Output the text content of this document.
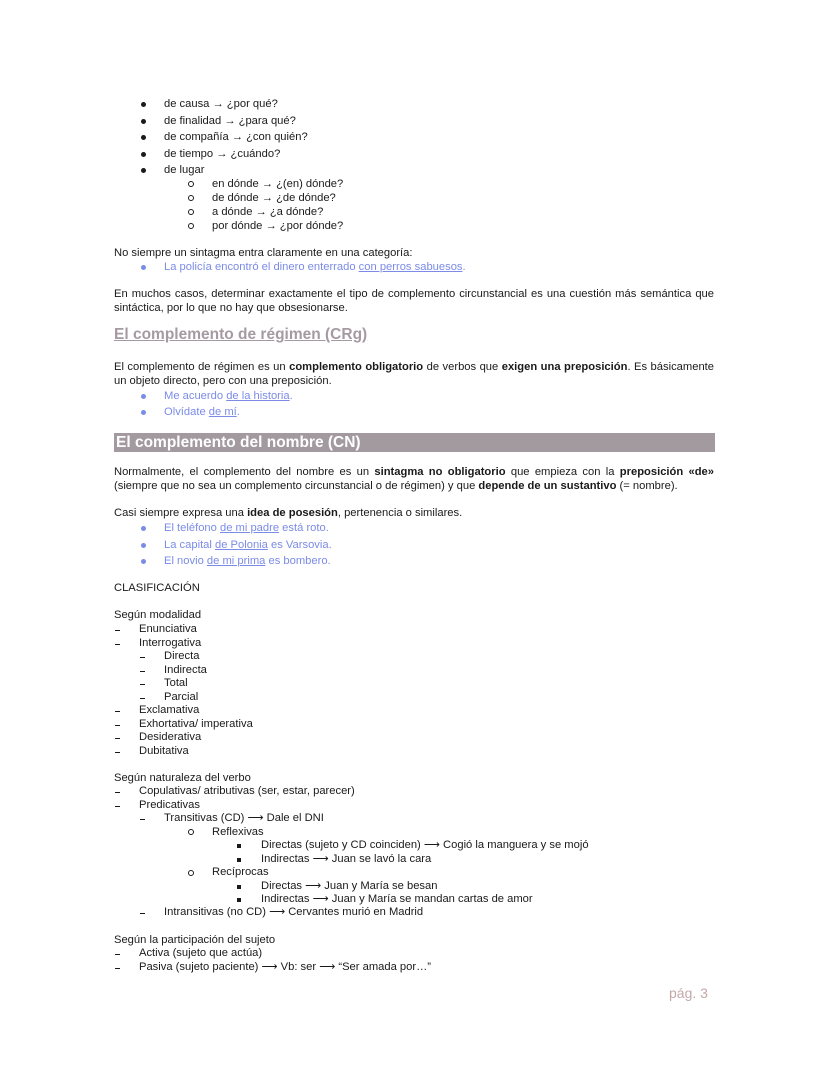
de causa → ¿por qué?
de finalidad → ¿para qué?
de compañía → ¿con quién?
de tiempo → ¿cuándo?
de lugar
en dónde → ¿(en) dónde?
de dónde → ¿de dónde?
a dónde → ¿a dónde?
por dónde → ¿por dónde?
No siempre un sintagma entra claramente en una categoría:
La policía encontró el dinero enterrado con perros sabuesos.
En muchos casos, determinar exactamente el tipo de complemento circunstancial es una cuestión más semántica que sintáctica, por lo que no hay que obsesionarse.
El complemento de régimen (CRg)
El complemento de régimen es un complemento obligatorio de verbos que exigen una preposición. Es básicamente un objeto directo, pero con una preposición.
Me acuerdo de la historia.
Olvídate de mí.
El complemento del nombre (CN)
Normalmente, el complemento del nombre es un sintagma no obligatorio que empieza con la preposición «de» (siempre que no sea un complemento circunstancial o de régimen) y que depende de un sustantivo (= nombre).
Casi siempre expresa una idea de posesión, pertenencia o similares.
El teléfono de mi padre está roto.
La capital de Polonia es Varsovia.
El novio de mi prima es bombero.
CLASIFICACIÓN
Según modalidad
Enunciativa
Interrogativa
Directa
Indirecta
Total
Parcial
Exclamativa
Exhortativa/ imperativa
Desiderativa
Dubitativa
Según naturaleza del verbo
Copulativas/ atributivas (ser, estar, parecer)
Predicativas
Transitivas (CD) ⟶ Dale el DNI
Reflexivas
Directas (sujeto y CD coinciden) ⟶ Cogió la manguera y se mojó
Indirectas ⟶ Juan se lavó la cara
Recíprocas
Directas ⟶ Juan y María se besan
Indirectas ⟶ Juan y María se mandan cartas de amor
Intransitivas (no CD) ⟶ Cervantes murió en Madrid
Según la participación del sujeto
Activa (sujeto que actúa)
Pasiva (sujeto paciente) ⟶ Vb: ser ⟶ “Ser amada por…”
pág. 3
